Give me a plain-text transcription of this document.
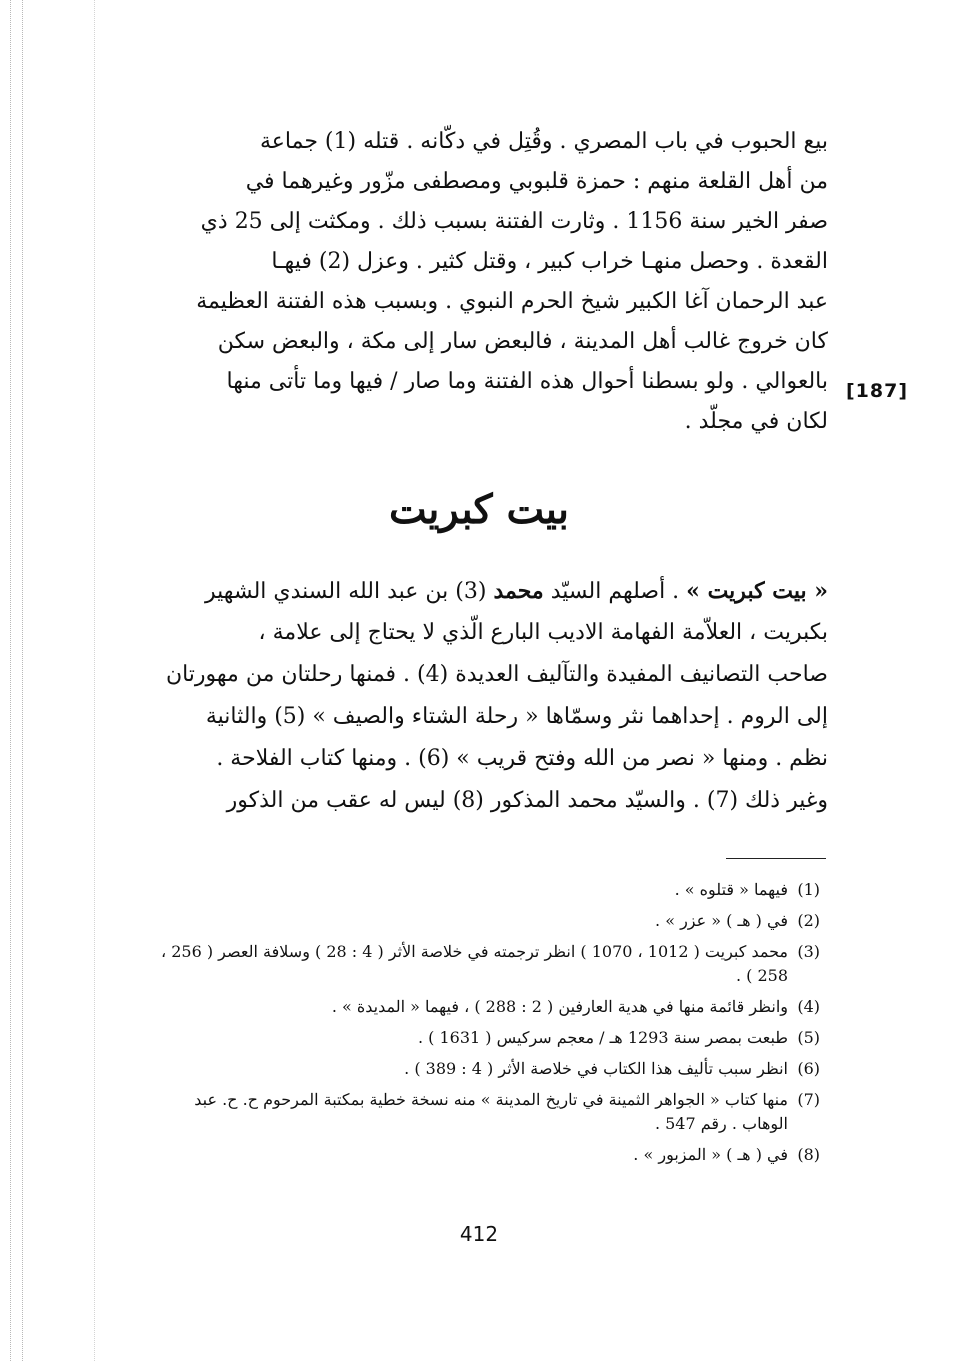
بيع الحبوب في باب المصري . وقُتِل في دكّانه . قتله (1) جماعة
من أهل القلعة منهم : حمزة قلبوبي ومصطفى مزّور وغيرهما في
صفر الخير سنة 1156 . وثارت الفتنة بسبب ذلك . ومكثت إلى 25 ذي
القعدة . وحصل منهـا خراب كبير ، وقتل كثير . وعزل (2) فيهـا
عبد الرحمان آغا الكبير شيخ الحرم النبوي . وبسبب هذه الفتنة العظيمة
كان خروج غالب أهل المدينة ، فالبعض سار إلى مكة ، والبعض سكن
بالعوالي . ولو بسطنا أحوال هذه الفتنة وما صار / فيها وما تأتى منها
لكان في مجلّد .
[187]
بيت كبريت
« بيت كبريت » . أصلهم السيّد محمد (3) بن عبد الله السندي الشهير
بكبريت ، العلاّمة الفهامة الاديب البارع الّذي لا يحتاج إلى علامة ،
صاحب التصانيف المفيدة والتآليف العديدة (4) . فمنها رحلتان من مهورتان
إلى الروم . إحداهما نثر وسمّاها « رحلة الشتاء والصيف » (5) والثانية
نظم . ومنها « نصر من الله وفتح قريب » (6) . ومنها كتاب الفلاحة .
وغير ذلك (7) . والسيّد محمد المذكور (8) ليس له عقب من الذكور
(1)
فيهما « قتلوه » .
(2)
في ( هـ ) « عزر » .
(3)
محمد كبريت ( 1012 ، 1070 ) انظر ترجمته في خلاصة الأثر ( 4 : 28 ) وسلافة العصر ( 256 ، 258 ) .
(4)
وانظر قائمة منها في هدية العارفين ( 2 : 288 ) ، فيهما « المديدة » .
(5)
طبعت بمصر سنة 1293 هـ / معجم سركيس ( 1631 ) .
(6)
انظر سبب تأليف هذا الكتاب في خلاصة الأثر ( 4 : 389 ) .
(7)
منها كتاب « الجواهر الثمينة في تاريخ المدينة » منه نسخة خطية بمكتبة المرحوم ح. ح. عبد الوهاب . رقم 547 .
(8)
في ( هـ ) « المزبور » .
412
